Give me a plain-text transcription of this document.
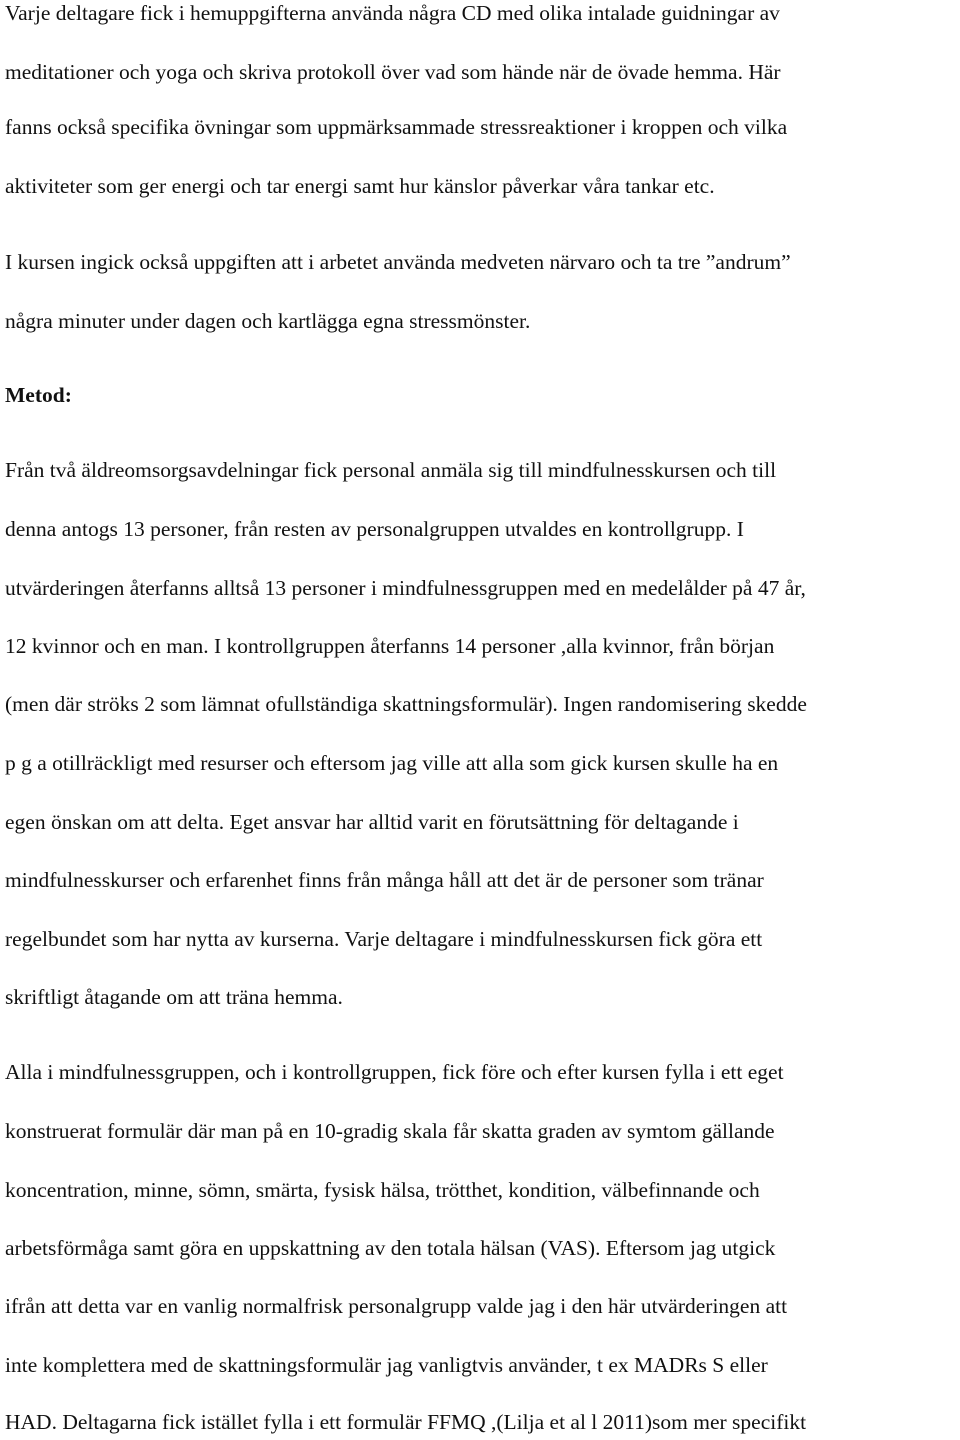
Varje deltagare fick i hemuppgifterna använda några CD med olika intalade guidningar av
meditationer och yoga och skriva protokoll över vad som hände när de övade hemma. Här
fanns också specifika övningar som uppmärksammade stressreaktioner i kroppen och vilka
aktiviteter som ger energi och tar energi samt hur känslor påverkar våra tankar etc.
I kursen ingick också uppgiften att i arbetet använda medveten närvaro och ta tre ”andrum”
några minuter under dagen och kartlägga egna stressmönster.
Metod:
Från två äldreomsorgsavdelningar fick personal anmäla sig till mindfulnesskursen och till
denna antogs 13 personer, från resten av personalgruppen utvaldes en kontrollgrupp. I
utvärderingen återfanns alltså 13 personer i mindfulnessgruppen med en medelålder på 47 år,
12 kvinnor och en man. I kontrollgruppen återfanns 14 personer ,alla kvinnor, från början
(men där ströks 2 som lämnat ofullständiga skattningsformulär). Ingen randomisering skedde
p g a otillräckligt med resurser och eftersom jag ville att alla som gick kursen skulle ha en
egen önskan om att delta. Eget ansvar har alltid varit en förutsättning för deltagande i
mindfulnesskurser och erfarenhet finns från många håll att det är de personer som tränar
regelbundet som har nytta av kurserna. Varje deltagare i mindfulnesskursen fick göra ett
skriftligt åtagande om att träna hemma.
Alla i mindfulnessgruppen, och i kontrollgruppen, fick före och efter kursen fylla i ett eget
konstruerat formulär där man på en 10-gradig skala får skatta graden av symtom gällande
koncentration, minne, sömn, smärta, fysisk hälsa, trötthet, kondition, välbefinnande och
arbetsförmåga samt göra en uppskattning av den totala hälsan (VAS). Eftersom jag utgick
ifrån att detta var en vanlig normalfrisk personalgrupp valde jag i den här utvärderingen att
inte komplettera med de skattningsformulär jag vanligtvis använder, t ex MADRs S eller
HAD. Deltagarna fick istället fylla i ett formulär FFMQ ,(Lilja et al l 2011)som mer specifikt
